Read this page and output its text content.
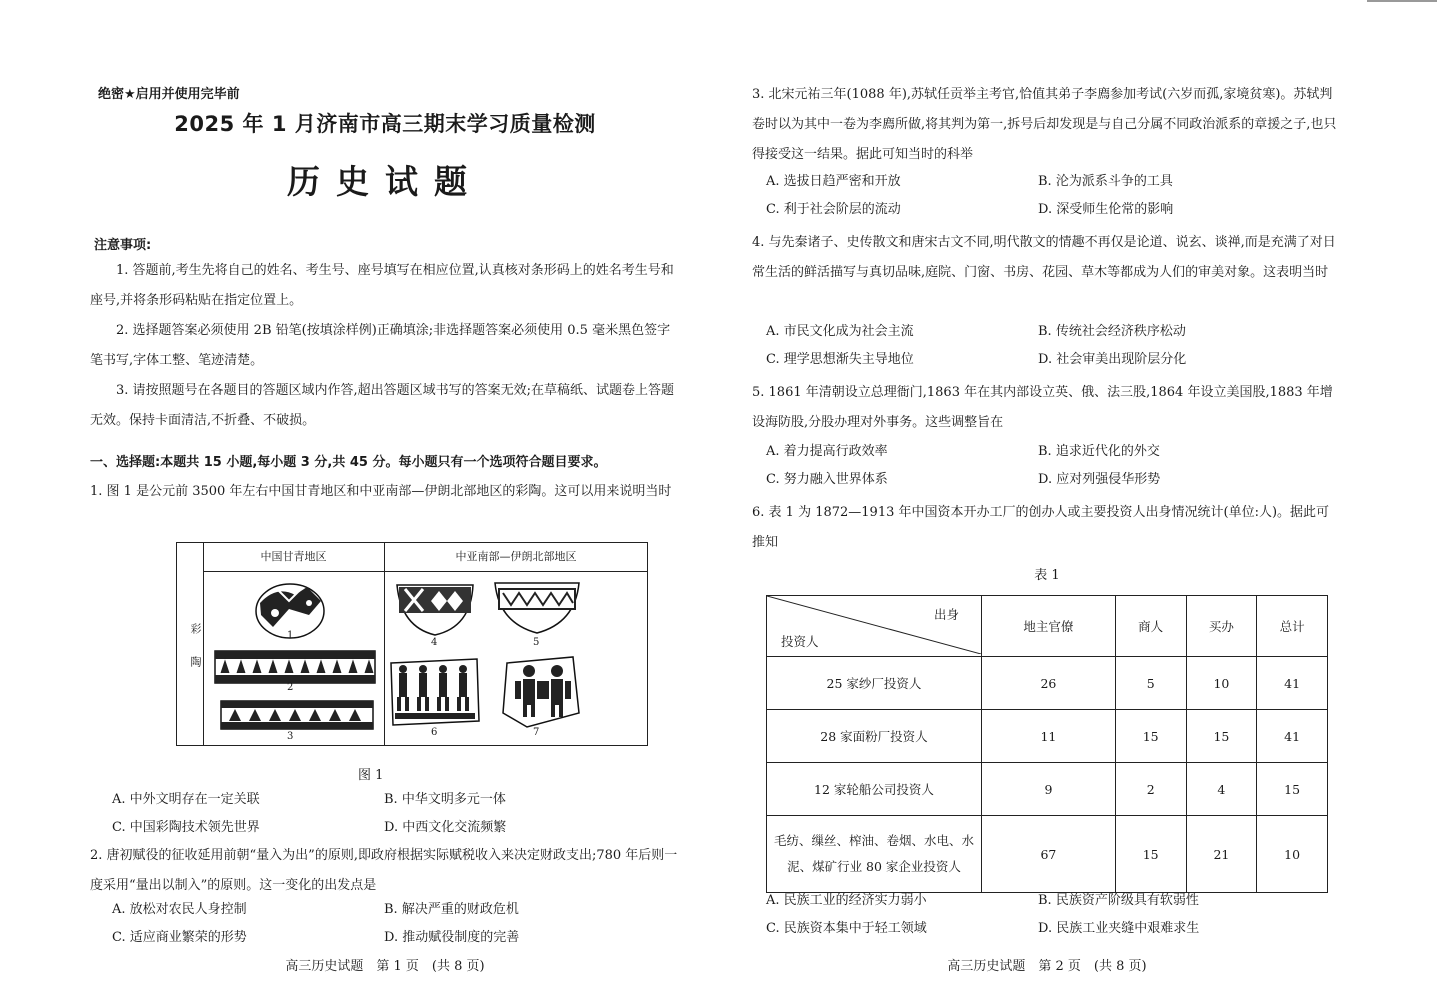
绝密★启用并使用完毕前
2025 年 1 月济南市高三期末学习质量检测
历史试题
注意事项:
1. 答题前,考生先将自己的姓名、考生号、座号填写在相应位置,认真核对条形码上的姓名考生号和座号,并将条形码粘贴在指定位置上。
2. 选择题答案必须使用 2B 铅笔(按填涂样例)正确填涂;非选择题答案必须使用 0.5 毫米黑色签字笔书写,字体工整、笔迹清楚。
3. 请按照题号在各题目的答题区域内作答,超出答题区域书写的答案无效;在草稿纸、试题卷上答题无效。保持卡面清洁,不折叠、不破损。
一、选择题:本题共 15 小题,每小题 3 分,共 45 分。每小题只有一个选项符合题目要求。
1. 图 1 是公元前 3500 年左右中国甘青地区和中亚南部—伊朗北部地区的彩陶。这可以用来说明当时
彩陶
中国甘青地区	中亚南部—伊朗北部地区
1
2
3
4	5
6	7
图 1
A. 中外文明存在一定关联	B. 中华文明多元一体
C. 中国彩陶技术领先世界	D. 中西文化交流频繁
2. 唐初赋役的征收延用前朝“量入为出”的原则,即政府根据实际赋税收入来决定财政支出;780 年后则一度采用“量出以制入”的原则。这一变化的出发点是
A. 放松对农民人身控制	B. 解决严重的财政危机
C. 适应商业繁荣的形势	D. 推动赋役制度的完善
高三历史试题　第 1 页　(共 8 页)
3. 北宋元祐三年(1088 年),苏轼任贡举主考官,恰值其弟子李廌参加考试(六岁而孤,家境贫寒)。苏轼判卷时以为其中一卷为李廌所做,将其判为第一,拆号后却发现是与自己分属不同政治派系的章援之子,也只得接受这一结果。据此可知当时的科举
A. 选拔日趋严密和开放	B. 沦为派系斗争的工具
C. 利于社会阶层的流动	D. 深受师生伦常的影响
4. 与先秦诸子、史传散文和唐宋古文不同,明代散文的情趣不再仅是论道、说玄、谈禅,而是充满了对日常生活的鲜活描写与真切品味,庭院、门窗、书房、花园、草木等都成为人们的审美对象。这表明当时
A. 市民文化成为社会主流	B. 传统社会经济秩序松动
C. 理学思想渐失主导地位	D. 社会审美出现阶层分化
5. 1861 年清朝设立总理衙门,1863 年在其内部设立英、俄、法三股,1864 年设立美国股,1883 年增设海防股,分股办理对外事务。这些调整旨在
A. 着力提高行政效率	B. 追求近代化的外交
C. 努力融入世界体系	D. 应对列强侵华形势
6. 表 1 为 1872—1913 年中国资本开办工厂的创办人或主要投资人出身情况统计(单位:人)。据此可推知
表 1
出身
投资人	地主官僚	商人	买办	总计
25 家纱厂投资人	26	5	10	41
28 家面粉厂投资人	11	15	15	41
12 家轮船公司投资人	9	2	4	15
毛纺、缫丝、榨油、卷烟、水电、水泥、煤矿行业 80 家企业投资人	67	15	21	10
A. 民族工业的经济实力弱小	B. 民族资产阶级具有软弱性
C. 民族资本集中于轻工领域	D. 民族工业夹缝中艰难求生
高三历史试题　第 2 页　(共 8 页)
